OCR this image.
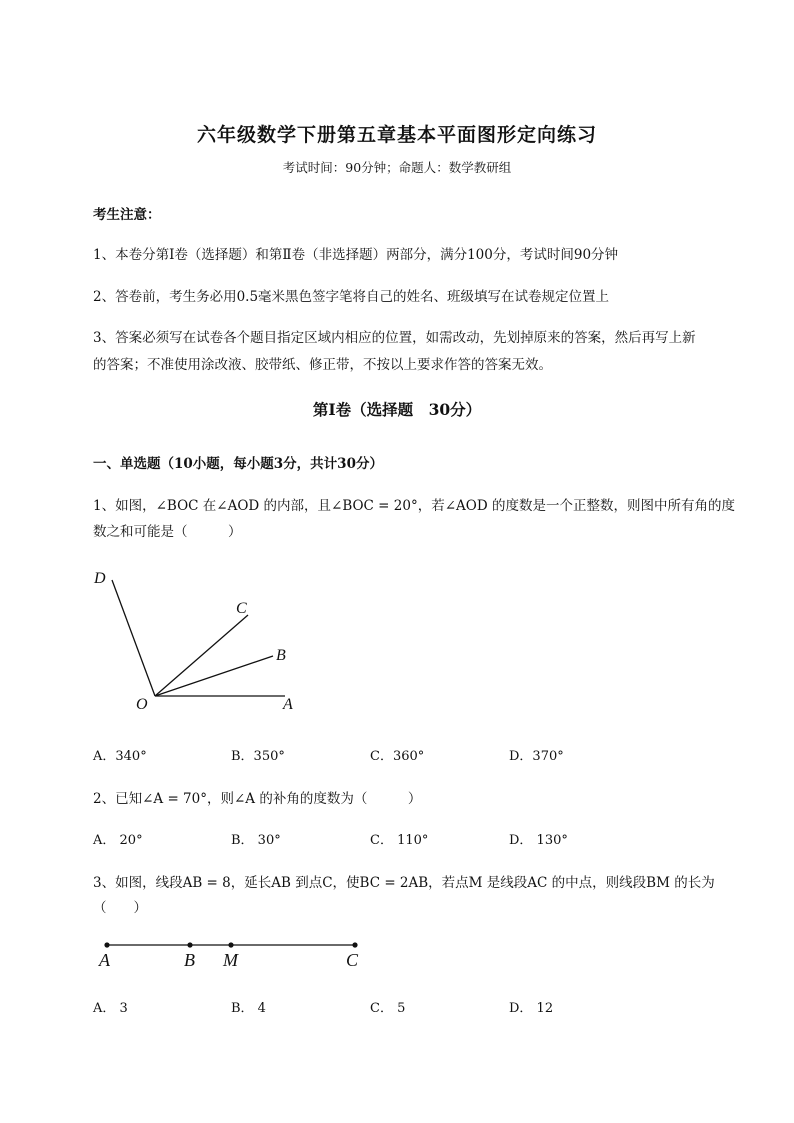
六年级数学下册第五章基本平面图形定向练习
考试时间：90分钟；命题人：数学教研组
考生注意：
1、本卷分第I卷（选择题）和第Ⅱ卷（非选择题）两部分，满分100分，考试时间90分钟
2、答卷前，考生务必用0.5毫米黑色签字笔将自己的姓名、班级填写在试卷规定位置上
3、答案必须写在试卷各个题目指定区域内相应的位置，如需改动，先划掉原来的答案，然后再写上新
的答案；不准使用涂改液、胶带纸、修正带，不按以上要求作答的答案无效。
第I卷（选择题　30分）
一、单选题（10小题，每小题3分，共计30分）
1、如图，∠BOC 在∠AOD 的内部，且∠BOC = 20°，若∠AOD 的度数是一个正整数，则图中所有角的度
数之和可能是（　　　）
D
C
B
O	A
A．340°	B．350°	C．360°	D．370°
2、已知∠A = 70°，则∠A 的补角的度数为（　　　）
A． 20°	B． 30°	C． 110°	D． 130°
3、如图，线段AB = 8，延长AB 到点C，使BC = 2AB，若点M 是线段AC 的中点，则线段BM 的长为
（　　）
A	B M	C
A． 3	B． 4	C． 5	D． 12
